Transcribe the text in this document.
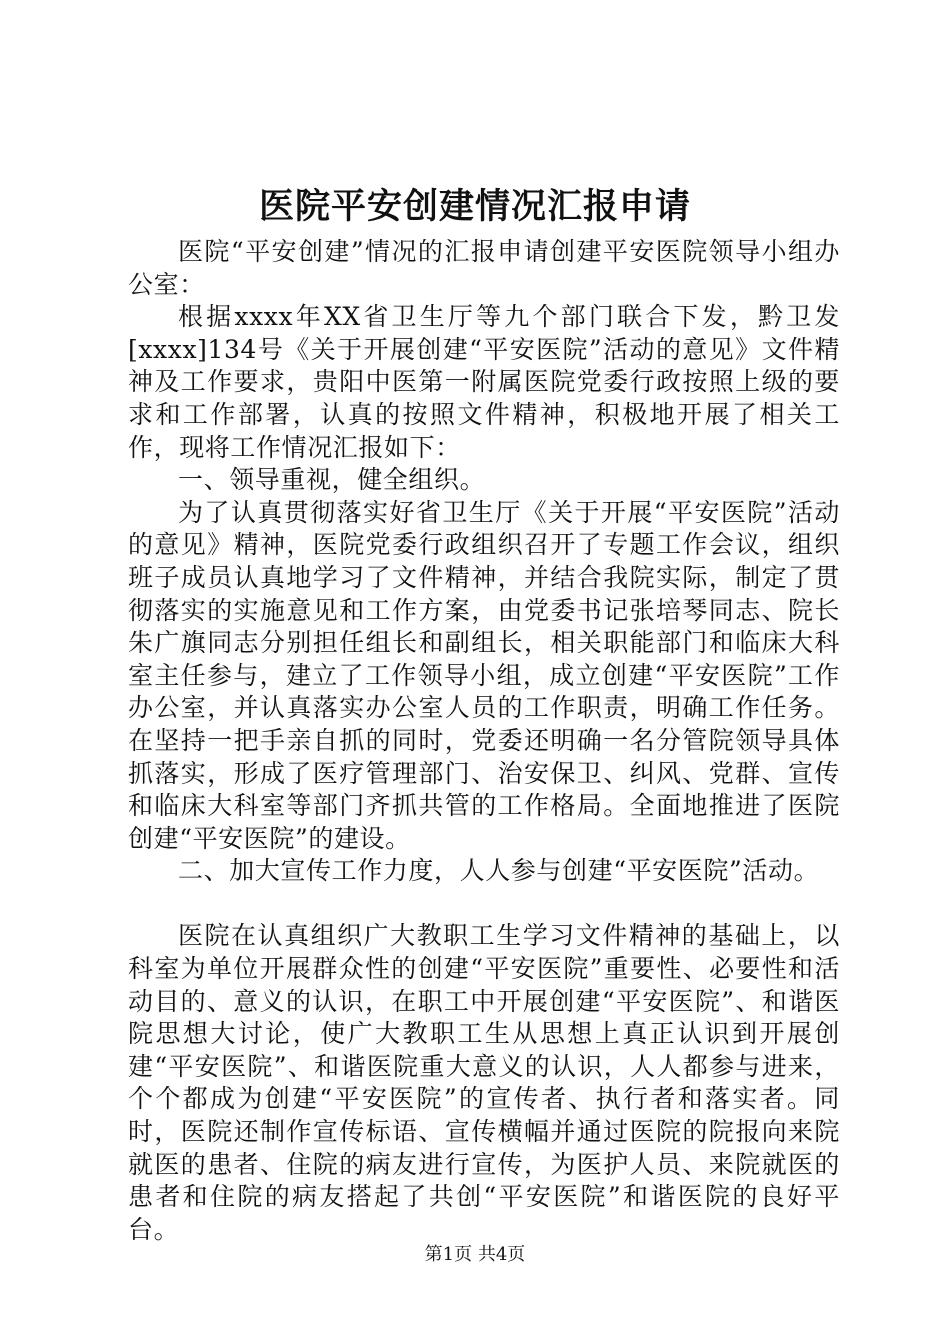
医院平安创建情况汇报申请

医院“平安创建”情况的汇报申请创建平安医院领导小组办公室：

根据xxxx年XX省卫生厅等九个部门联合下发，黔卫发[xxxx]134号《关于开展创建“平安医院”活动的意见》文件精神及工作要求，贵阳中医第一附属医院党委行政按照上级的要求和工作部署，认真的按照文件精神，积极地开展了相关工作，现将工作情况汇报如下：

一、领导重视，健全组织。

为了认真贯彻落实好省卫生厅《关于开展“平安医院”活动的意见》精神，医院党委行政组织召开了专题工作会议，组织班子成员认真地学习了文件精神，并结合我院实际，制定了贯彻落实的实施意见和工作方案，由党委书记张培琴同志、院长朱广旗同志分别担任组长和副组长，相关职能部门和临床大科室主任参与，建立了工作领导小组，成立创建“平安医院”工作办公室，并认真落实办公室人员的工作职责，明确工作任务。在坚持一把手亲自抓的同时，党委还明确一名分管院领导具体抓落实，形成了医疗管理部门、治安保卫、纠风、党群、宣传和临床大科室等部门齐抓共管的工作格局。全面地推进了医院创建“平安医院”的建设。

二、加大宣传工作力度，人人参与创建“平安医院”活动。

医院在认真组织广大教职工生学习文件精神的基础上，以科室为单位开展群众性的创建“平安医院”重要性、必要性和活动目的、意义的认识，在职工中开展创建“平安医院”、和谐医院思想大讨论，使广大教职工生从思想上真正认识到开展创建“平安医院”、和谐医院重大意义的认识，人人都参与进来，个个都成为创建“平安医院”的宣传者、执行者和落实者。同时，医院还制作宣传标语、宣传横幅并通过医院的院报向来院就医的患者、住院的病友进行宣传，为医护人员、来院就医的患者和住院的病友搭起了共创“平安医院”和谐医院的良好平台。

第1页 共4页
